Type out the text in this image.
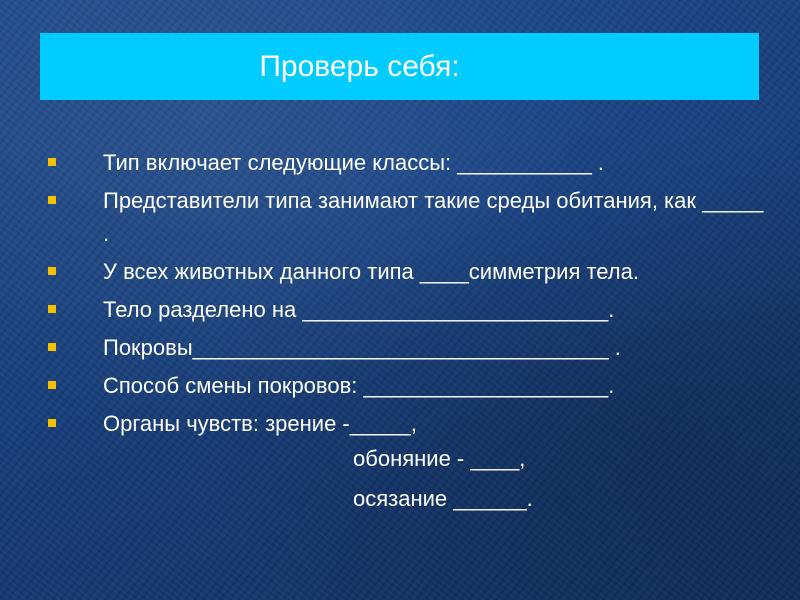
Проверь себя:
Тип включает следующие классы: ___________ .
Представители типа занимают такие среды обитания, как _____ .
У всех животных данного типа ____симметрия тела.
Тело разделено на _________________________.
Покровы__________________________________ .
Способ смены покровов: ____________________.
Органы чувств: зрение -_____,
обоняние - ____,
осязание ______.
